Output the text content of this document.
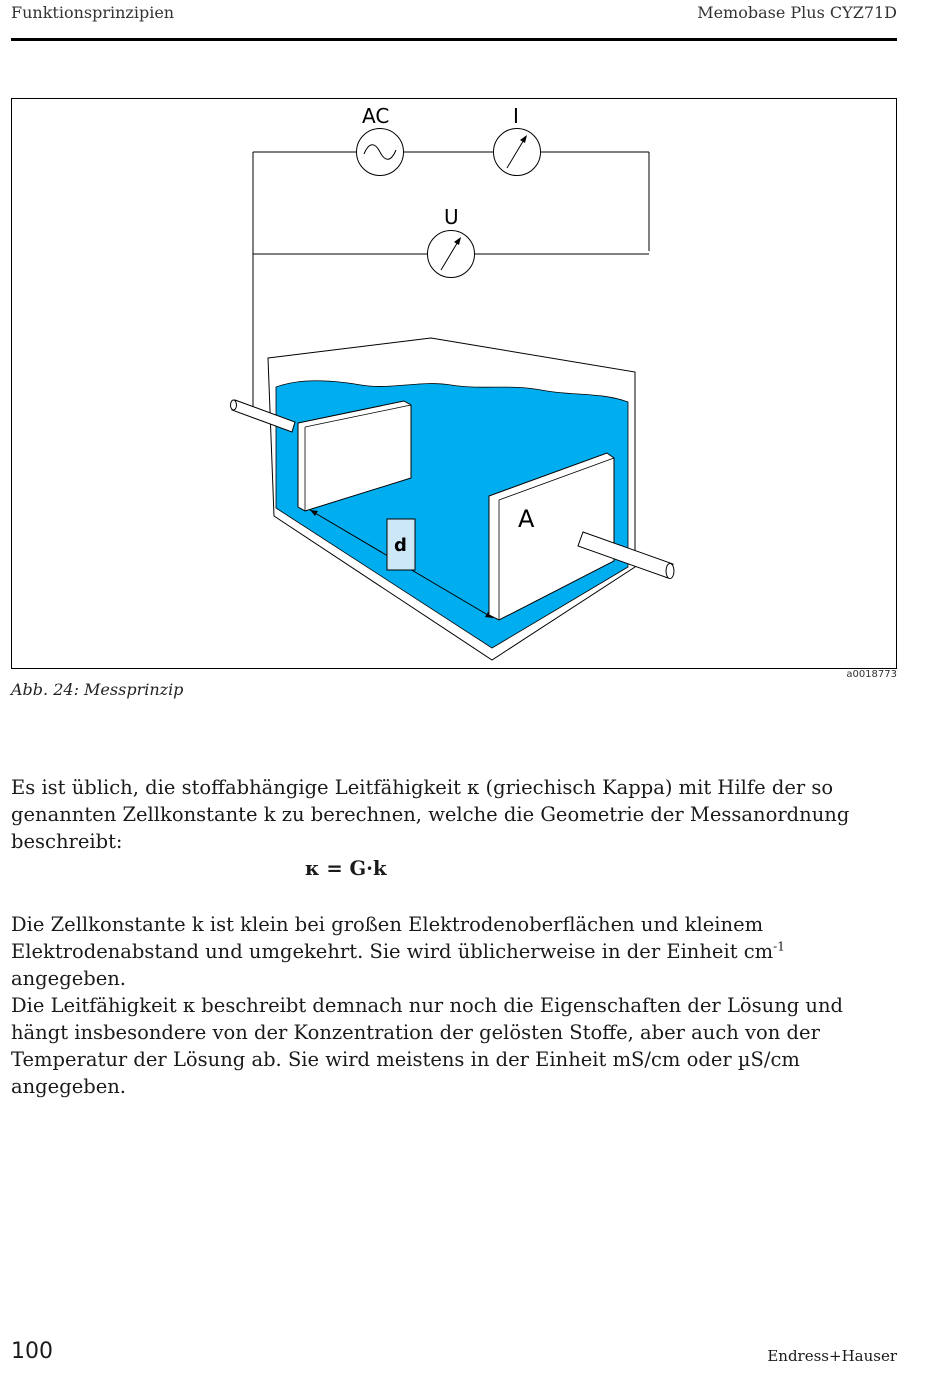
Funktionsprinzipien	Memobase Plus CYZ71D
AC	I
U
d
A
a0018773
Abb. 24: Messprinzip

Es ist üblich, die stoffabhängige Leitfähigkeit κ (griechisch Kappa) mit Hilfe der so genannten Zellkonstante k zu berechnen, welche die Geometrie der Messanordnung beschreibt:

κ = G·k

Die Zellkonstante k ist klein bei großen Elektrodenoberflächen und kleinem Elektrodenabstand und umgekehrt. Sie wird üblicherweise in der Einheit $cm^{-1}$ angegeben.

Die Leitfähigkeit κ beschreibt demnach nur noch die Eigenschaften der Lösung und hängt insbesondere von der Konzentration der gelösten Stoffe, aber auch von der Temperatur der Lösung ab. Sie wird meistens in der Einheit mS/cm oder µS/cm angegeben.

100	Endress+Hauser
